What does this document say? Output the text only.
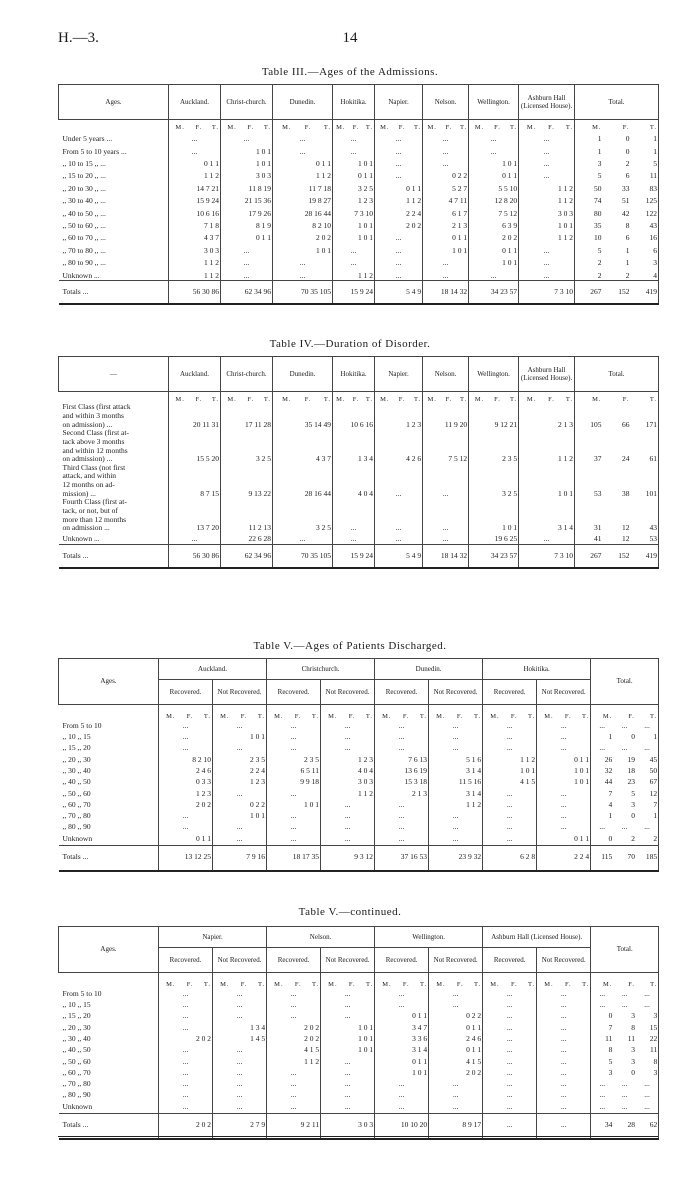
H.—3.	14
Table III.—Ages of the Admissions.
Ages.	Auckland.			Christ-church.			Dunedin.			Hokitika.			Napier.			Nelson.			Wellington.			Ashburn Hall (Licensed House).			Total.		
	M.	F.	T.	M.	F.	T.	M.	F.	T.	M.	F.	T.	M.	F.	T.	M.	F.	T.	M.	F.	T.	M.	F.	T.	M.	F.	T.
Under 5 years ...	...			...			...			...			...			...			...			...			1	0	1
From 5 to 10 years ...	...			1 0 1			...			...			...			...			...			...			1	0	1
,, 10 to 15 ,, ...	0 1 1			1 0 1			0 1 1			1 0 1			...			...			1 0 1			...			3	2	5
,, 15 to 20 ,, ...	1 1 2			3 0 3			1 1 2			0 1 1			...			0 2 2			0 1 1			...			5	6	11
,, 20 to 30 ,, ...	14 7 21			11 8 19			11 7 18			3 2 5			0 1 1			5 2 7			5 5 10			1 1 2			50	33	83
,, 30 to 40 ,, ...	15 9 24			21 15 36			19 8 27			1 2 3			1 1 2			4 7 11			12 8 20			1 1 2			74	51	125
,, 40 to 50 ,, ...	10 6 16			17 9 26			28 16 44			7 3 10			2 2 4			6 1 7			7 5 12			3 0 3			80	42	122
,, 50 to 60 ,, ...	7 1 8			8 1 9			8 2 10			1 0 1			2 0 2			2 1 3			6 3 9			1 0 1			35	8	43
,, 60 to 70 ,, ...	4 3 7			0 1 1			2 0 2			1 0 1			...			0 1 1			2 0 2			1 1 2			10	6	16
,, 70 to 80 ,, ...	3 0 3			...			1 0 1			...			...			1 0 1			0 1 1			...			5	1	6
,, 80 to 90 ,, ...	1 1 2			...			...			...			...			...			1 0 1			...			2	1	3
Unknown ...	1 1 2			...			...			1 1 2			...			...			...			...			2	2	4
Totals ...	56 30 86			62 34 96			70 35 105			15 9 24			5 4 9			18 14 32			34 23 57			7 3 10			267	152	419
Table IV.—Duration of Disorder.
—	Auckland.			Christ-church.			Dunedin.			Hokitika.			Napier.			Nelson.			Wellington.			Ashburn Hall (Licensed House).			Total.		
	M.	F.	T.	M.	F.	T.	M.	F.	T.	M.	F.	T.	M.	F.	T.	M.	F.	T.	M.	F.	T.	M.	F.	T.	M.	F.	T.

First Class (first attack
and within 3 months
on admission) ...	20 11 31			17 11 28			35 14 49			10 6 16			1 2 3			11 9 20			9 12 21			2 1 3			105	66	171

Second Class (first at-
tack above 3 months
and within 12 months
on admission) ...	15 5 20			3 2 5			4 3 7			1 3 4			4 2 6			7 5 12			2 3 5			1 1 2			37	24	61

Third Class (not first
attack, and within
12 months on ad-
mission) ...	8 7 15			9 13 22			28 16 44			4 0 4			...			...			3 2 5			1 0 1			53	38	101

Fourth Class (first at-
tack, or not, but of
more than 12 months
on admission ...	13 7 20			11 2 13			3 2 5			...			...			...			1 0 1			3 1 4			31	12	43

Unknown ...	...			22 6 28			...			...			...			...			19 6 25			...			41	12	53
Totals ...	56 30 86			62 34 96			70 35 105			15 9 24			5 4 9			18 14 32			34 23 57			7 3 10			267	152	419
Table V.—Ages of Patients Discharged.
Ages.	Auckland.						Christchurch.						Dunedin.						Hokitika.						Total.		
	Recovered.			Not Recovered.			Recovered.			Not Recovered.			Recovered.			Not Recovered.			Recovered.			Not Recovered.					
	M.	F.	T.	M.	F.	T.	M.	F.	T.	M.	F.	T.	M.	F.	T.	M.	F.	T.	M.	F.	T.	M.	F.	T.	M.	F.	T.
From 5 to 10	...			...			...			...			...			...			...			...			...	...	...
,, 10 ,, 15	...			1 0 1			...			...			...			...			...			...			1	0	1
,, 15 ,, 20	...			...			...			...			...			...			...			...			...	...	...
,, 20 ,, 30	8 2 10			2 3 5			2 3 5			1 2 3			7 6 13			5 1 6			1 1 2			0 1 1			26	19	45
,, 30 ,, 40	2 4 6			2 2 4			6 5 11			4 0 4			13 6 19			3 1 4			1 0 1			1 0 1			32	18	50
,, 40 ,, 50	0 3 3			1 2 3			9 9 18			3 0 3			15 3 18			11 5 16			4 1 5			1 0 1			44	23	67
,, 50 ,, 60	1 2 3			...			...			1 1 2			2 1 3			3 1 4			...			...			7	5	12
,, 60 ,, 70	2 0 2			0 2 2			1 0 1			...			...			1 1 2			...			...			4	3	7
,, 70 ,, 80	...			1 0 1			...			...			...			...			...			...			1	0	1
,, 80 ,, 90	...			...			...			...			...			...			...			...			...	...	...
Unknown	0 1 1			...			...			...			...			...			...			0 1 1			0	2	2
Totals ...	13 12 25			7 9 16			18 17 35			9 3 12			37 16 53			23 9 32			6 2 8			2 2 4			115	70	185
Table V.—continued.
Ages.	Napier.						Nelson.						Wellington.						Ashburn Hall (Licensed House).						Total.		
	Recovered.			Not Recovered.			Recovered.			Not Recovered.			Recovered.			Not Recovered.			Recovered.			Not Recovered.					
	M.	F.	T.	M.	F.	T.	M.	F.	T.	M.	F.	T.	M.	F.	T.	M.	F.	T.	M.	F.	T.	M.	F.	T.	M.	F.	T.
From 5 to 10	...			...			...			...			...			...			...			...			...	...	...
,, 10 ,, 15	...			...			...			...			...			...			...			...			...	...	...
,, 15 ,, 20	...			...			...			...			0 1 1			0 2 2			...			...			0	3	3
,, 20 ,, 30	...			1 3 4			2 0 2			1 0 1			3 4 7			0 1 1			...			...			7	8	15
,, 30 ,, 40	2 0 2			1 4 5			2 0 2			1 0 1			3 3 6			2 4 6			...			...			11	11	22
,, 40 ,, 50	...			...			4 1 5			1 0 1			3 1 4			0 1 1			...			...			8	3	11
,, 50 ,, 60	...			...			1 1 2			...			0 1 1			4 1 5			...			...			5	3	8
,, 60 ,, 70	...			...			...			...			1 0 1			2 0 2			...			...			3	0	3
,, 70 ,, 80	...			...			...			...			...			...			...			...			...	...	...
,, 80 ,, 90	...			...			...			...			...			...			...			...			...	...	...
Unknown	...			...			...			...			...			...			...			...			...	...	...
Totals ...	2 0 2			2 7 9			9 2 11			3 0 3			10 10 20			8 9 17			...			...			34	28	62
